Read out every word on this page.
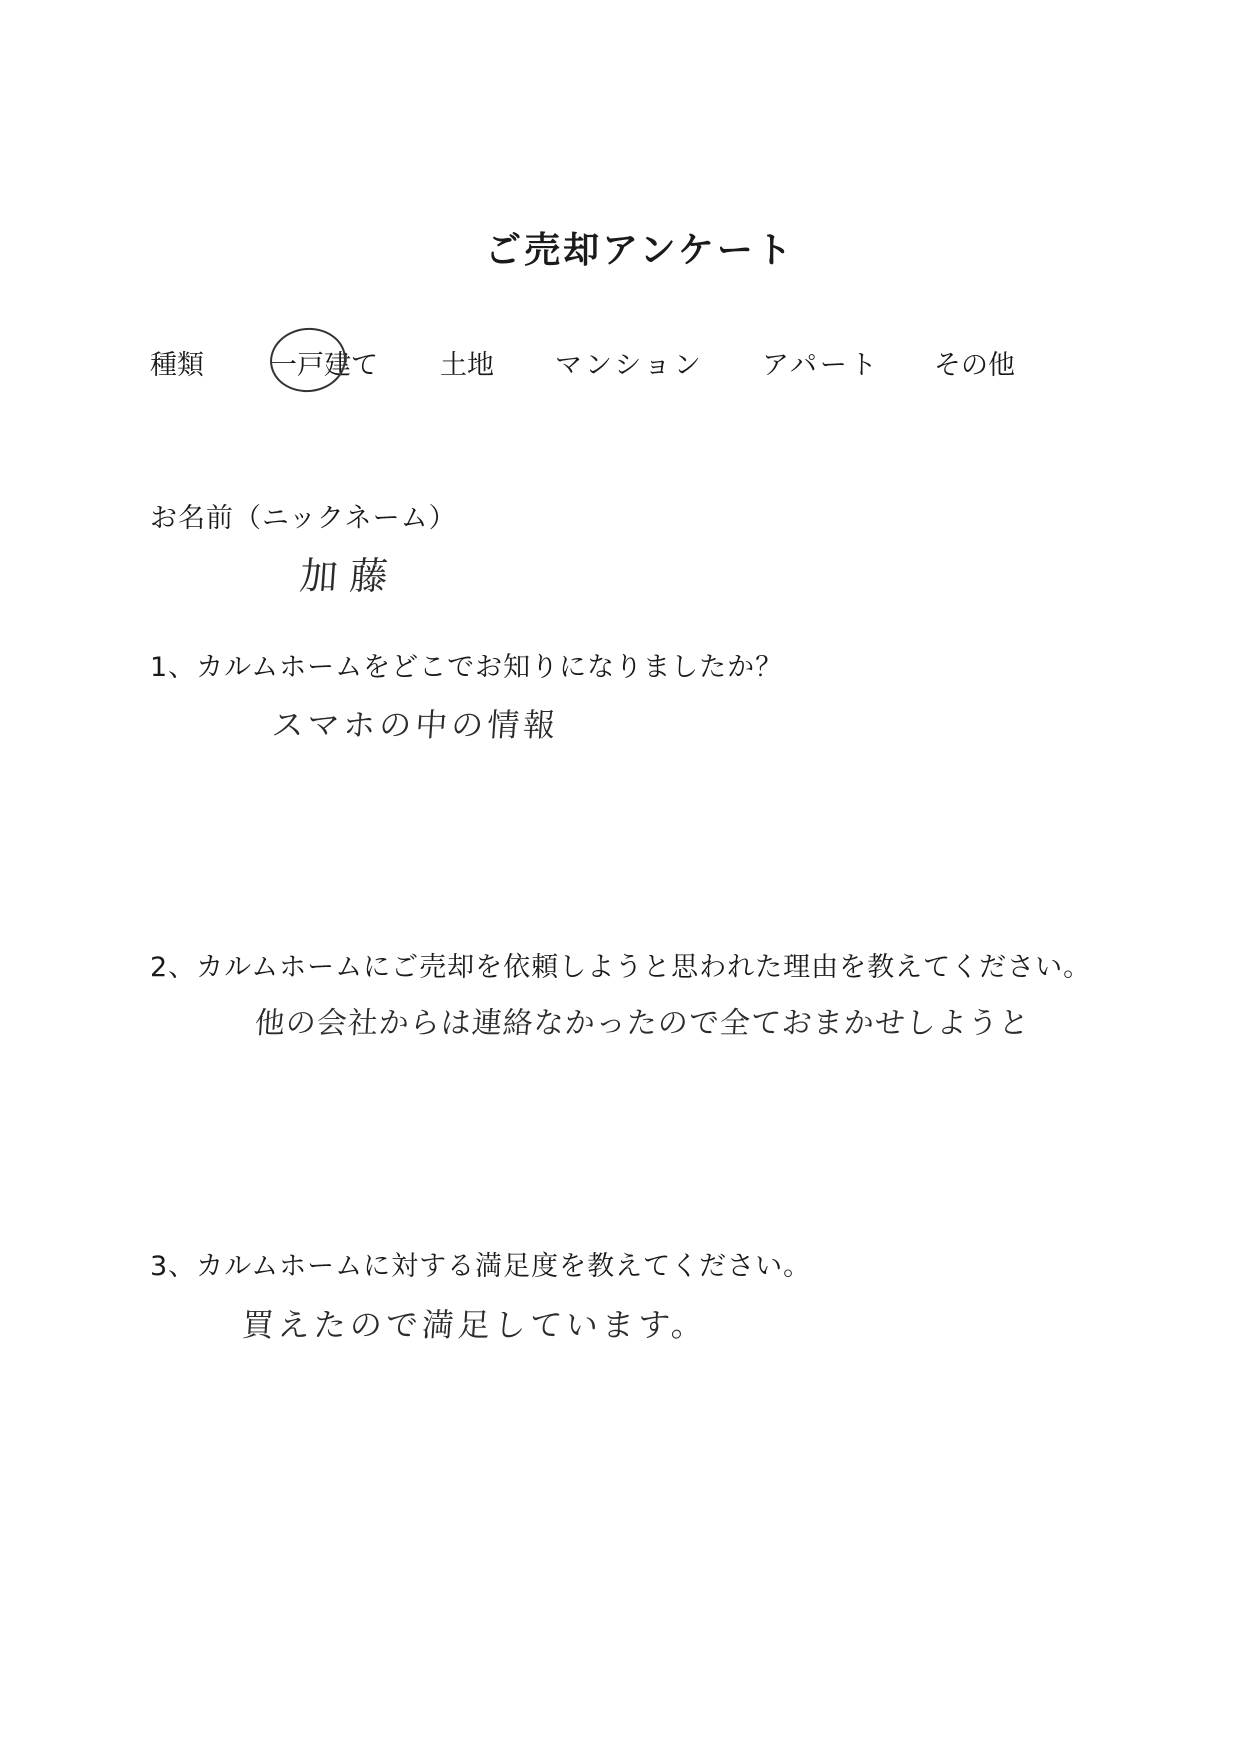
ご売却アンケート
種類 一戸建て 土地 マンション アパート その他
お名前（ニックネーム）
加藤
1、カルムホームをどこでお知りになりましたか？
スマホの中の情報
2、カルムホームにご売却を依頼しようと思われた理由を教えてください。
他の会社からは連絡なかったので全ておまかせしようと
3、カルムホームに対する満足度を教えてください。
買えたので満足しています。
